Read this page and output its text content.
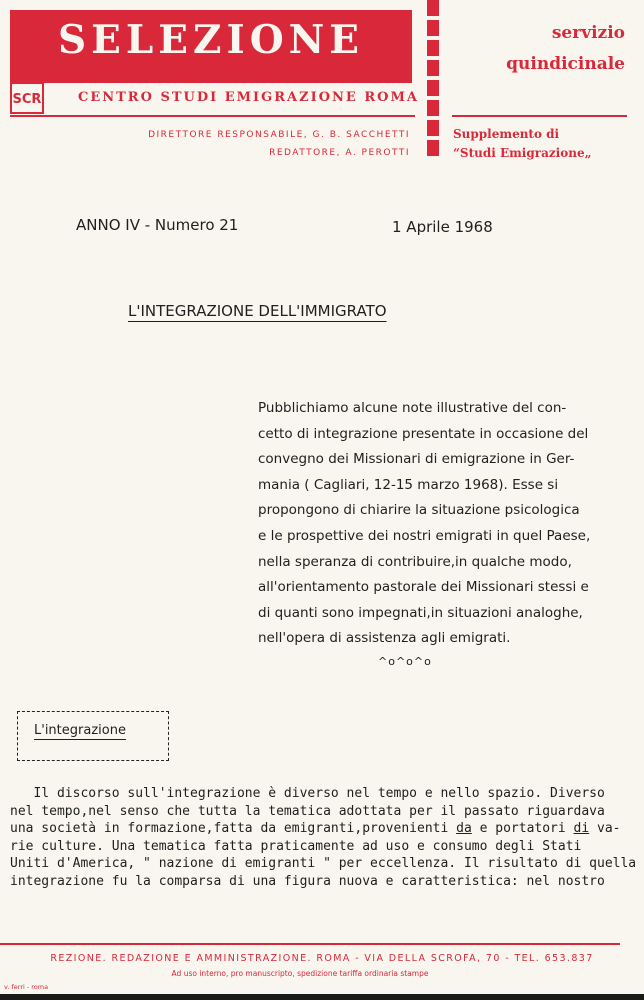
SELEZIONE
SCR	CENTRO STUDI EMIGRAZIONE ROMA
servizio
quindicinale
DIRETTORE RESPONSABILE, G. B. SACCHETTI
REDATTORE, A. PEROTTI
Supplemento di
“Studi Emigrazione„
ANNO IV - Numero 21	1 Aprile 1968
L'INTEGRAZIONE DELL'IMMIGRATO
Pubblichiamo alcune note illustrative del con-
cetto di integrazione presentate in occasione del
convegno dei Missionari di emigrazione in Ger-
mania ( Cagliari, 12-15 marzo 1968). Esse si
propongono di chiarire la situazione psicologica
e le prospettive dei nostri emigrati in quel Paese,
nella speranza di contribuire,in qualche modo,
all'orientamento pastorale dei Missionari stessi e
di quanti sono impegnati,in situazioni analoghe,
nell'opera di assistenza agli emigrati.
^o^o^o
L'integrazione
Il discorso sull'integrazione è diverso nel tempo e nello spazio. Diverso
nel tempo,nel senso che tutta la tematica adottata per il passato riguardava
una società in formazione,fatta da emigranti,provenienti da e portatori di va-
rie culture. Una tematica fatta praticamente ad uso e consumo degli Stati
Uniti d'America, " nazione di emigranti " per eccellenza. Il risultato di quella
integrazione fu la comparsa di una figura nuova e caratteristica: nel nostro
REZIONE. REDAZIONE E AMMINISTRAZIONE. ROMA - VIA DELLA SCROFA, 70 - TEL. 653.837
Ad uso interno, pro manuscripto, spedizione tariffa ordinaria stampe
v. ferri - roma
